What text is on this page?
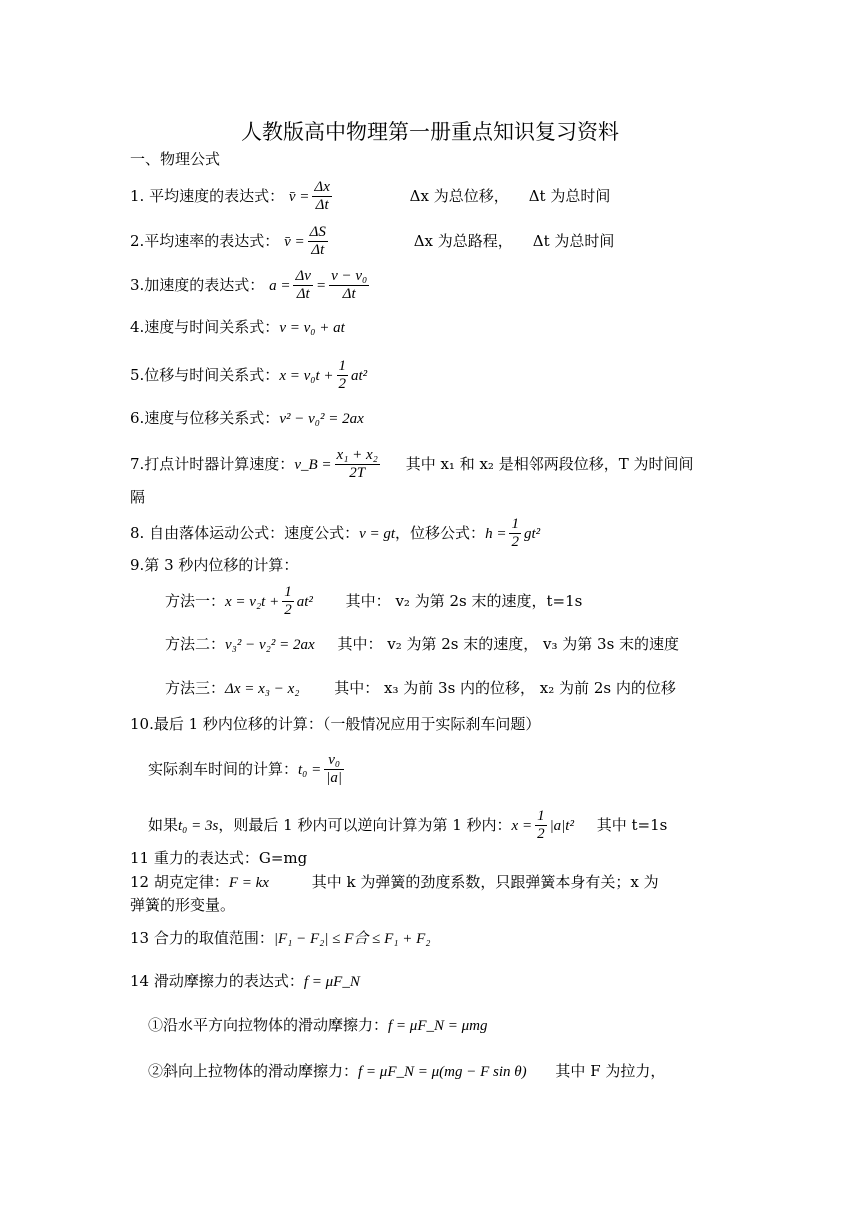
人教版高中物理第一册重点知识复习资料
一、物理公式
1. 平均速度的表达式： v̄ = $\frac{\Delta x}{\Delta t}$	Δx 为总位移， Δt 为总时间
2.平均速率的表达式： v̄ = $\frac{\Delta S}{\Delta t}$	Δx 为总路程， Δt 为总时间
3.加速度的表达式： $a = \frac{\Delta v}{\Delta t} = \frac{\text{v − v₀}}{\Delta t}$
4.速度与时间关系式：v = v₀ + at
5.位移与时间关系式：$x = v_0t + \frac{1}{2} at^2$
6.速度与位移关系式：v² − v₀² = 2ax
7.打点计时器计算速度：v_B = $\frac{\text{x₁ + x₂}}{2T}$ 其中 x₁ 和 x₂ 是相邻两段位移，T 为时间间
隔
8. 自由落体运动公式：速度公式：v = gt，位移公式：$h = \frac{1}{2} gt^2$
9.第 3 秒内位移的计算：
方法一：$x = v_2t + \frac{1}{2} at^2$ 其中： v₂ 为第 2s 末的速度，t=1s
方法二：v₃² − v₂² = 2ax 其中： v₂ 为第 2s 末的速度， v₃ 为第 3s 末的速度
方法三：Δx = x₃ − x₂ 其中： x₃ 为前 3s 内的位移， x₂ 为前 2s 内的位移
10.最后 1 秒内位移的计算：（一般情况应用于实际刹车问题）
实际刹车时间的计算：$t_0 = \frac{\text{v₀}}{|a|}$
如果t₀ = 3s，则最后 1 秒内可以逆向计算为第 1 秒内：$x = \frac{1}{2} |a|t^2$ 其中 t=1s
11 重力的表达式：G=mg
12 胡克定律：F = kx	其中 k 为弹簧的劲度系数，只跟弹簧本身有关；x 为
弹簧的形变量。
13 合力的取值范围：|F₁ − F₂| ≤ F合 ≤ F₁ + F₂
14 滑动摩擦力的表达式：f = μF_N
①沿水平方向拉物体的滑动摩擦力：f = μF_N = μmg
②斜向上拉物体的滑动摩擦力：f = μF_N = μ(mg − F sin θ) 其中 F 为拉力，
